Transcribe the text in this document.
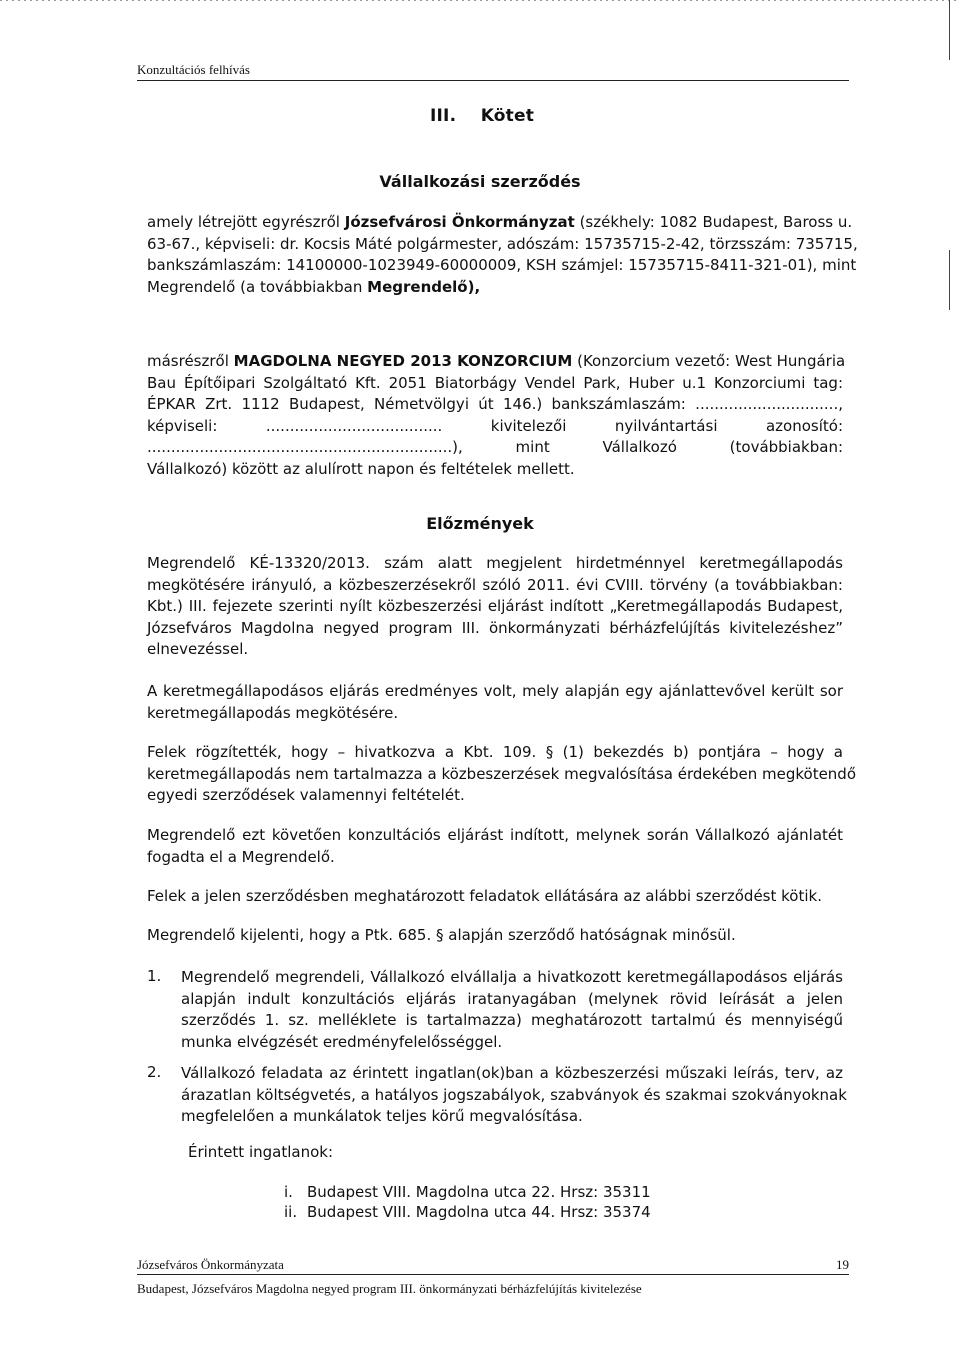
Konzultációs felhívás
III. Kötet
Vállalkozási szerződés
amely létrejött egyrészről Józsefvárosi Önkormányzat (székhely: 1082 Budapest, Baross u.
63-67., képviseli: dr. Kocsis Máté polgármester, adószám: 15735715-2-42, törzsszám: 735715,
bankszámlaszám: 14100000-1023949-60000009, KSH számjel: 15735715-8411-321-01), mint
Megrendelő (a továbbiakban Megrendelő),
másrészről MAGDOLNA NEGYED 2013 KONZORCIUM (Konzorcium vezető: West Hungária
Bau Építőipari Szolgáltató Kft. 2051 Biatorbágy Vendel Park, Huber u.1 Konzorciumi tag:
ÉPKAR Zrt. 1112 Budapest, Németvölgyi út 146.) bankszámlaszám: ..............................,
képviseli: ..................................... kivitelezői nyilvántartási azonosító:
................................................................), mint Vállalkozó (továbbiakban:
Vállalkozó) között az alulírott napon és feltételek mellett.
Előzmények
Megrendelő KÉ-13320/2013. szám alatt megjelent hirdetménnyel keretmegállapodás
megkötésére irányuló, a közbeszerzésekről szóló 2011. évi CVIII. törvény (a továbbiakban:
Kbt.) III. fejezete szerinti nyílt közbeszerzési eljárást indított „Keretmegállapodás Budapest,
Józsefváros Magdolna negyed program III. önkormányzati bérházfelújítás kivitelezéshez”
elnevezéssel.
A keretmegállapodásos eljárás eredményes volt, mely alapján egy ajánlattevővel került sor
keretmegállapodás megkötésére.
Felek rögzítették, hogy – hivatkozva a Kbt. 109. § (1) bekezdés b) pontjára – hogy a
keretmegállapodás nem tartalmazza a közbeszerzések megvalósítása érdekében megkötendő
egyedi szerződések valamennyi feltételét.
Megrendelő ezt követően konzultációs eljárást indított, melynek során Vállalkozó ajánlatét
fogadta el a Megrendelő.
Felek a jelen szerződésben meghatározott feladatok ellátására az alábbi szerződést kötik.
Megrendelő kijelenti, hogy a Ptk. 685. § alapján szerződő hatóságnak minősül.
1. Megrendelő megrendeli, Vállalkozó elvállalja a hivatkozott keretmegállapodásos eljárás
alapján indult konzultációs eljárás iratanyagában (melynek rövid leírását a jelen
szerződés 1. sz. melléklete is tartalmazza) meghatározott tartalmú és mennyiségű
munka elvégzését eredményfelelősséggel.
2. Vállalkozó feladata az érintett ingatlan(ok)ban a közbeszerzési műszaki leírás, terv, az
árazatlan költségvetés, a hatályos jogszabályok, szabványok és szakmai szokványoknak
megfelelően a munkálatok teljes körű megvalósítása.
Érintett ingatlanok:
i. Budapest VIII. Magdolna utca 22. Hrsz: 35311
ii. Budapest VIII. Magdolna utca 44. Hrsz: 35374
Józsefváros Önkormányzata	19
Budapest, Józsefváros Magdolna negyed program III. önkormányzati bérházfelújítás kivitelezése
